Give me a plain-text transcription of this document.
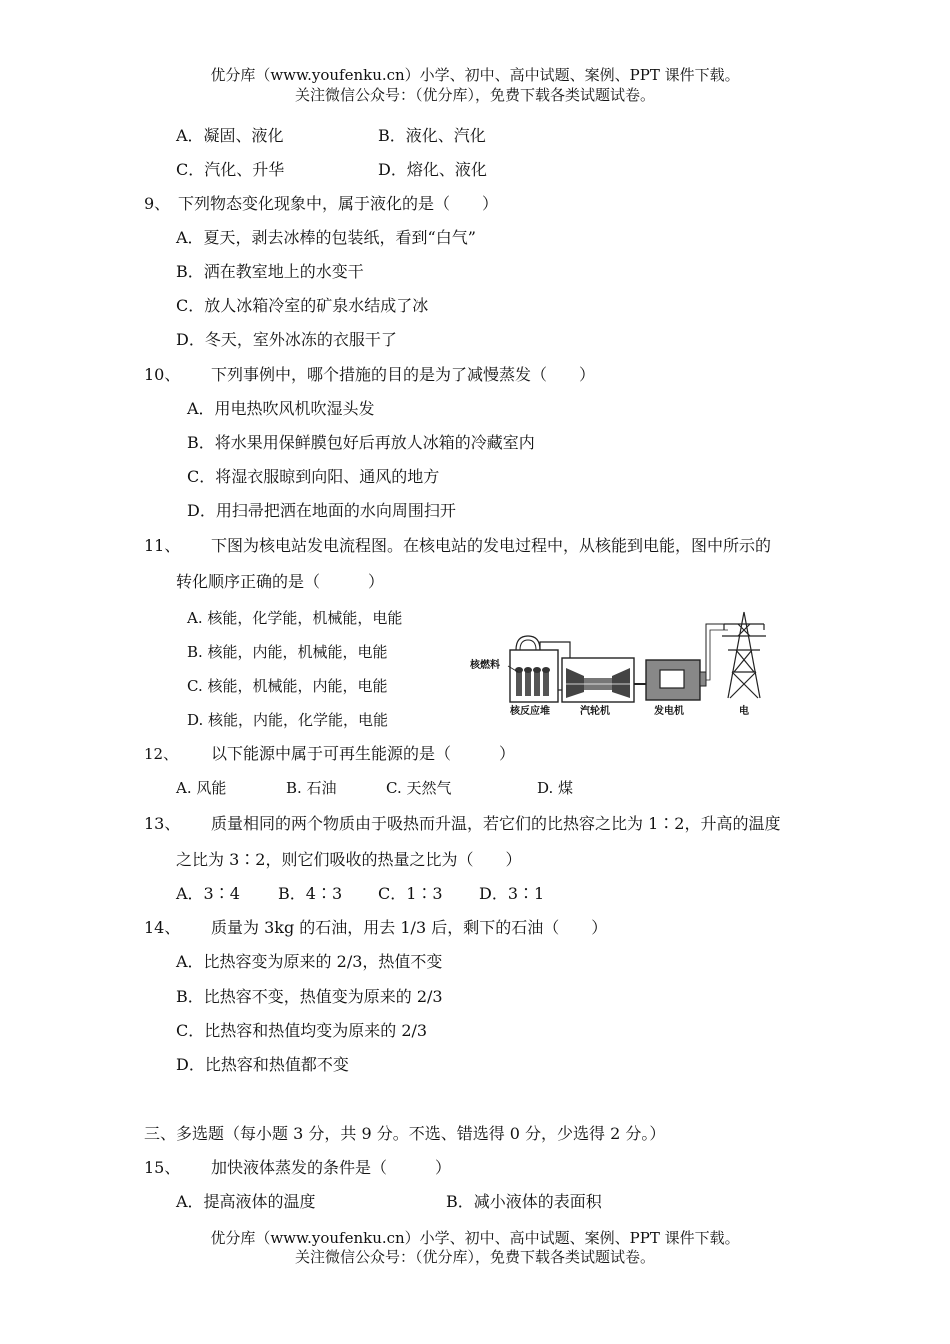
优分库（www.youfenku.cn）小学、初中、高中试题、案例、PPT 课件下载。
关注微信公众号：（优分库），免费下载各类试题试卷。
A．凝固、液化	B．液化、汽化
C．汽化、升华	D．熔化、液化
9、 下列物态变化现象中，属于液化的是（　　）
A．夏天，剥去冰棒的包装纸，看到“白气”
B．洒在教室地上的水变干
C．放人冰箱冷室的矿泉水结成了冰
D．冬天，室外冰冻的衣服干了
10、 下列事例中，哪个措施的目的是为了减慢蒸发（　　）
A．用电热吹风机吹湿头发
B．将水果用保鲜膜包好后再放人冰箱的冷藏室内
C．将湿衣服晾到向阳、通风的地方
D．用扫帚把洒在地面的水向周围扫开
11、 下图为核电站发电流程图。在核电站的发电过程中，从核能到电能，图中所示的
转化顺序正确的是（　　　）
A. 核能，化学能，机械能，电能
B. 核能，内能，机械能，电能
C. 核能，机械能，内能，电能
D. 核能，内能，化学能，电能
核燃料
核反应堆	汽轮机	发电机	电
12、 以下能源中属于可再生能源的是（　　　）
A. 风能	B. 石油	C. 天然气	D. 煤
13、 质量相同的两个物质由于吸热而升温，若它们的比热容之比为 1∶2，升高的温度
之比为 3∶2，则它们吸收的热量之比为（　　）
A．3∶4 B．4∶3 C．1∶3 D．3∶1
14、 质量为 3kg 的石油，用去 1/3 后，剩下的石油（　　）
A．比热容变为原来的 2/3，热值不变
B．比热容不变，热值变为原来的 2/3
C．比热容和热值均变为原来的 2/3
D．比热容和热值都不变
三、多选题（每小题 3 分，共 9 分。不选、错选得 0 分，少选得 2 分。）
15、 加快液体蒸发的条件是（　　　）
A．提高液体的温度	B．减小液体的表面积
优分库（www.youfenku.cn）小学、初中、高中试题、案例、PPT 课件下载。
关注微信公众号：（优分库），免费下载各类试题试卷。
